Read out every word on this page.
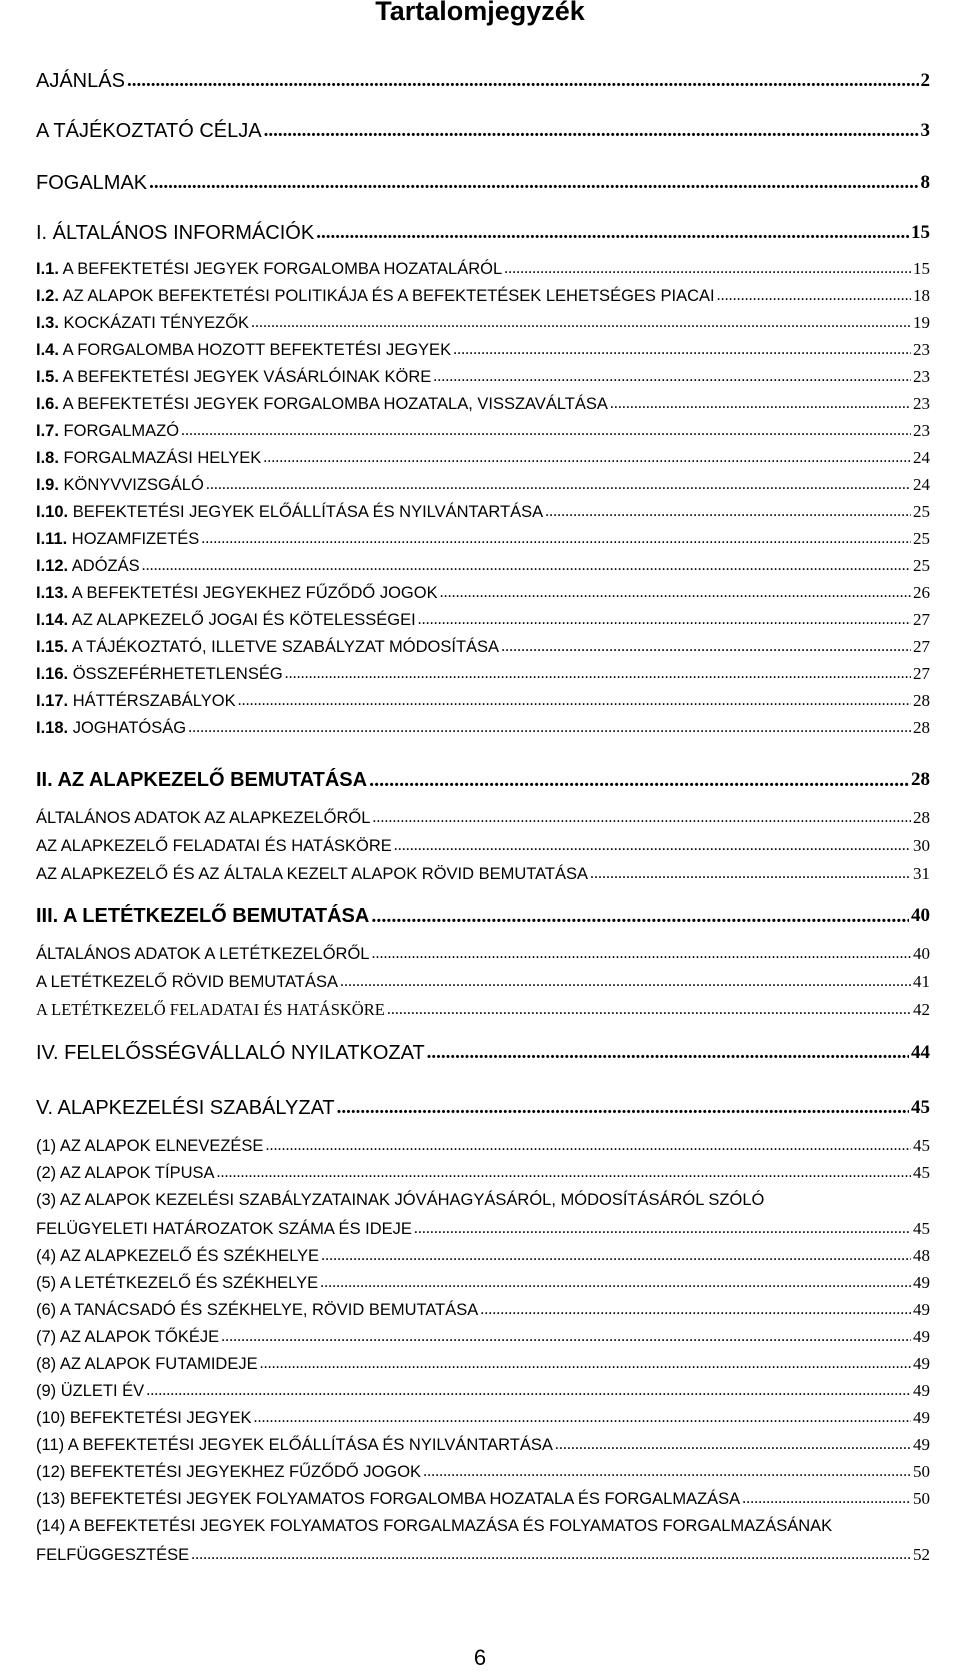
Tartalomjegyzék
AJÁNLÁS .....	2
A TÁJÉKOZTATÓ CÉLJA .....	3
FOGALMAK .....	8
I. ÁLTALÁNOS INFORMÁCIÓK .....	15
I.1. A BEFEKTETÉSI JEGYEK FORGALOMBA HOZATALÁRÓL .....	15
I.2. AZ ALAPOK BEFEKTETÉSI POLITIKÁJA ÉS A BEFEKTETÉSEK LEHETSÉGES PIACAI .....	18
I.3. KOCKÁZATI TÉNYEZŐK .....	19
I.4. A FORGALOMBA HOZOTT BEFEKTETÉSI JEGYEK .....	23
I.5. A BEFEKTETÉSI JEGYEK VÁSÁRLÓINAK KÖRE .....	23
I.6. A BEFEKTETÉSI JEGYEK FORGALOMBA HOZATALA, VISSZAVÁLTÁSA .....	23
I.7. FORGALMAZÓ .....	23
I.8. FORGALMAZÁSI HELYEK .....	24
I.9. KÖNYVVIZSGÁLÓ .....	24
I.10. BEFEKTETÉSI JEGYEK ELŐÁLLÍTÁSA ÉS NYILVÁNTARTÁSA .....	25
I.11. HOZAMFIZETÉS .....	25
I.12. ADÓZÁS .....	25
I.13. A BEFEKTETÉSI JEGYEKHEZ FŰZŐDŐ JOGOK .....	26
I.14. AZ ALAPKEZELŐ JOGAI ÉS KÖTELESSÉGEI .....	27
I.15. A TÁJÉKOZTATÓ, ILLETVE SZABÁLYZAT MÓDOSÍTÁSA .....	27
I.16. ÖSSZEFÉRHETETLENSÉG .....	27
I.17. HÁTTÉRSZABÁLYOK .....	28
I.18. JOGHATÓSÁG .....	28
II. AZ ALAPKEZELŐ BEMUTATÁSA .....	28
ÁLTALÁNOS ADATOK AZ ALAPKEZELŐRŐL .....	28
AZ ALAPKEZELŐ FELADATAI ÉS HATÁSKÖRE .....	30
AZ ALAPKEZELŐ ÉS AZ ÁLTALA KEZELT ALAPOK RÖVID BEMUTATÁSA .....	31
III. A LETÉTKEZELŐ BEMUTATÁSA .....	40
ÁLTALÁNOS ADATOK A LETÉTKEZELŐRŐL .....	40
A LETÉTKEZELŐ RÖVID BEMUTATÁSA .....	41
A LETÉTKEZELŐ FELADATAI ÉS HATÁSKÖRE .....	42
IV. FELELŐSSÉGVÁLLALÓ NYILATKOZAT .....	44
V. ALAPKEZELÉSI SZABÁLYZAT .....	45
(1) AZ ALAPOK ELNEVEZÉSE .....	45
(2) AZ ALAPOK TÍPUSA .....	45
(3) AZ ALAPOK KEZELÉSI SZABÁLYZATAINAK JÓVÁHAGYÁSÁRÓL, MÓDOSÍTÁSÁRÓL SZÓLÓ
FELÜGYELETI HATÁROZATOK SZÁMA ÉS IDEJE .....	45
(4) AZ ALAPKEZELŐ ÉS SZÉKHELYE .....	48
(5) A LETÉTKEZELŐ ÉS SZÉKHELYE .....	49
(6) A TANÁCSADÓ ÉS SZÉKHELYE, RÖVID BEMUTATÁSA .....	49
(7) AZ ALAPOK TŐKÉJE .....	49
(8) AZ ALAPOK FUTAMIDEJE .....	49
(9) ÜZLETI ÉV .....	49
(10) BEFEKTETÉSI JEGYEK .....	49
(11) A BEFEKTETÉSI JEGYEK ELŐÁLLÍTÁSA ÉS NYILVÁNTARTÁSA .....	49
(12) BEFEKTETÉSI JEGYEKHEZ FŰZŐDŐ JOGOK .....	50
(13) BEFEKTETÉSI JEGYEK FOLYAMATOS FORGALOMBA HOZATALA ÉS FORGALMAZÁSA .....	50
(14) A BEFEKTETÉSI JEGYEK FOLYAMATOS FORGALMAZÁSA ÉS FOLYAMATOS FORGALMAZÁSÁNAK
FELFÜGGESZTÉSE .....	52
6
